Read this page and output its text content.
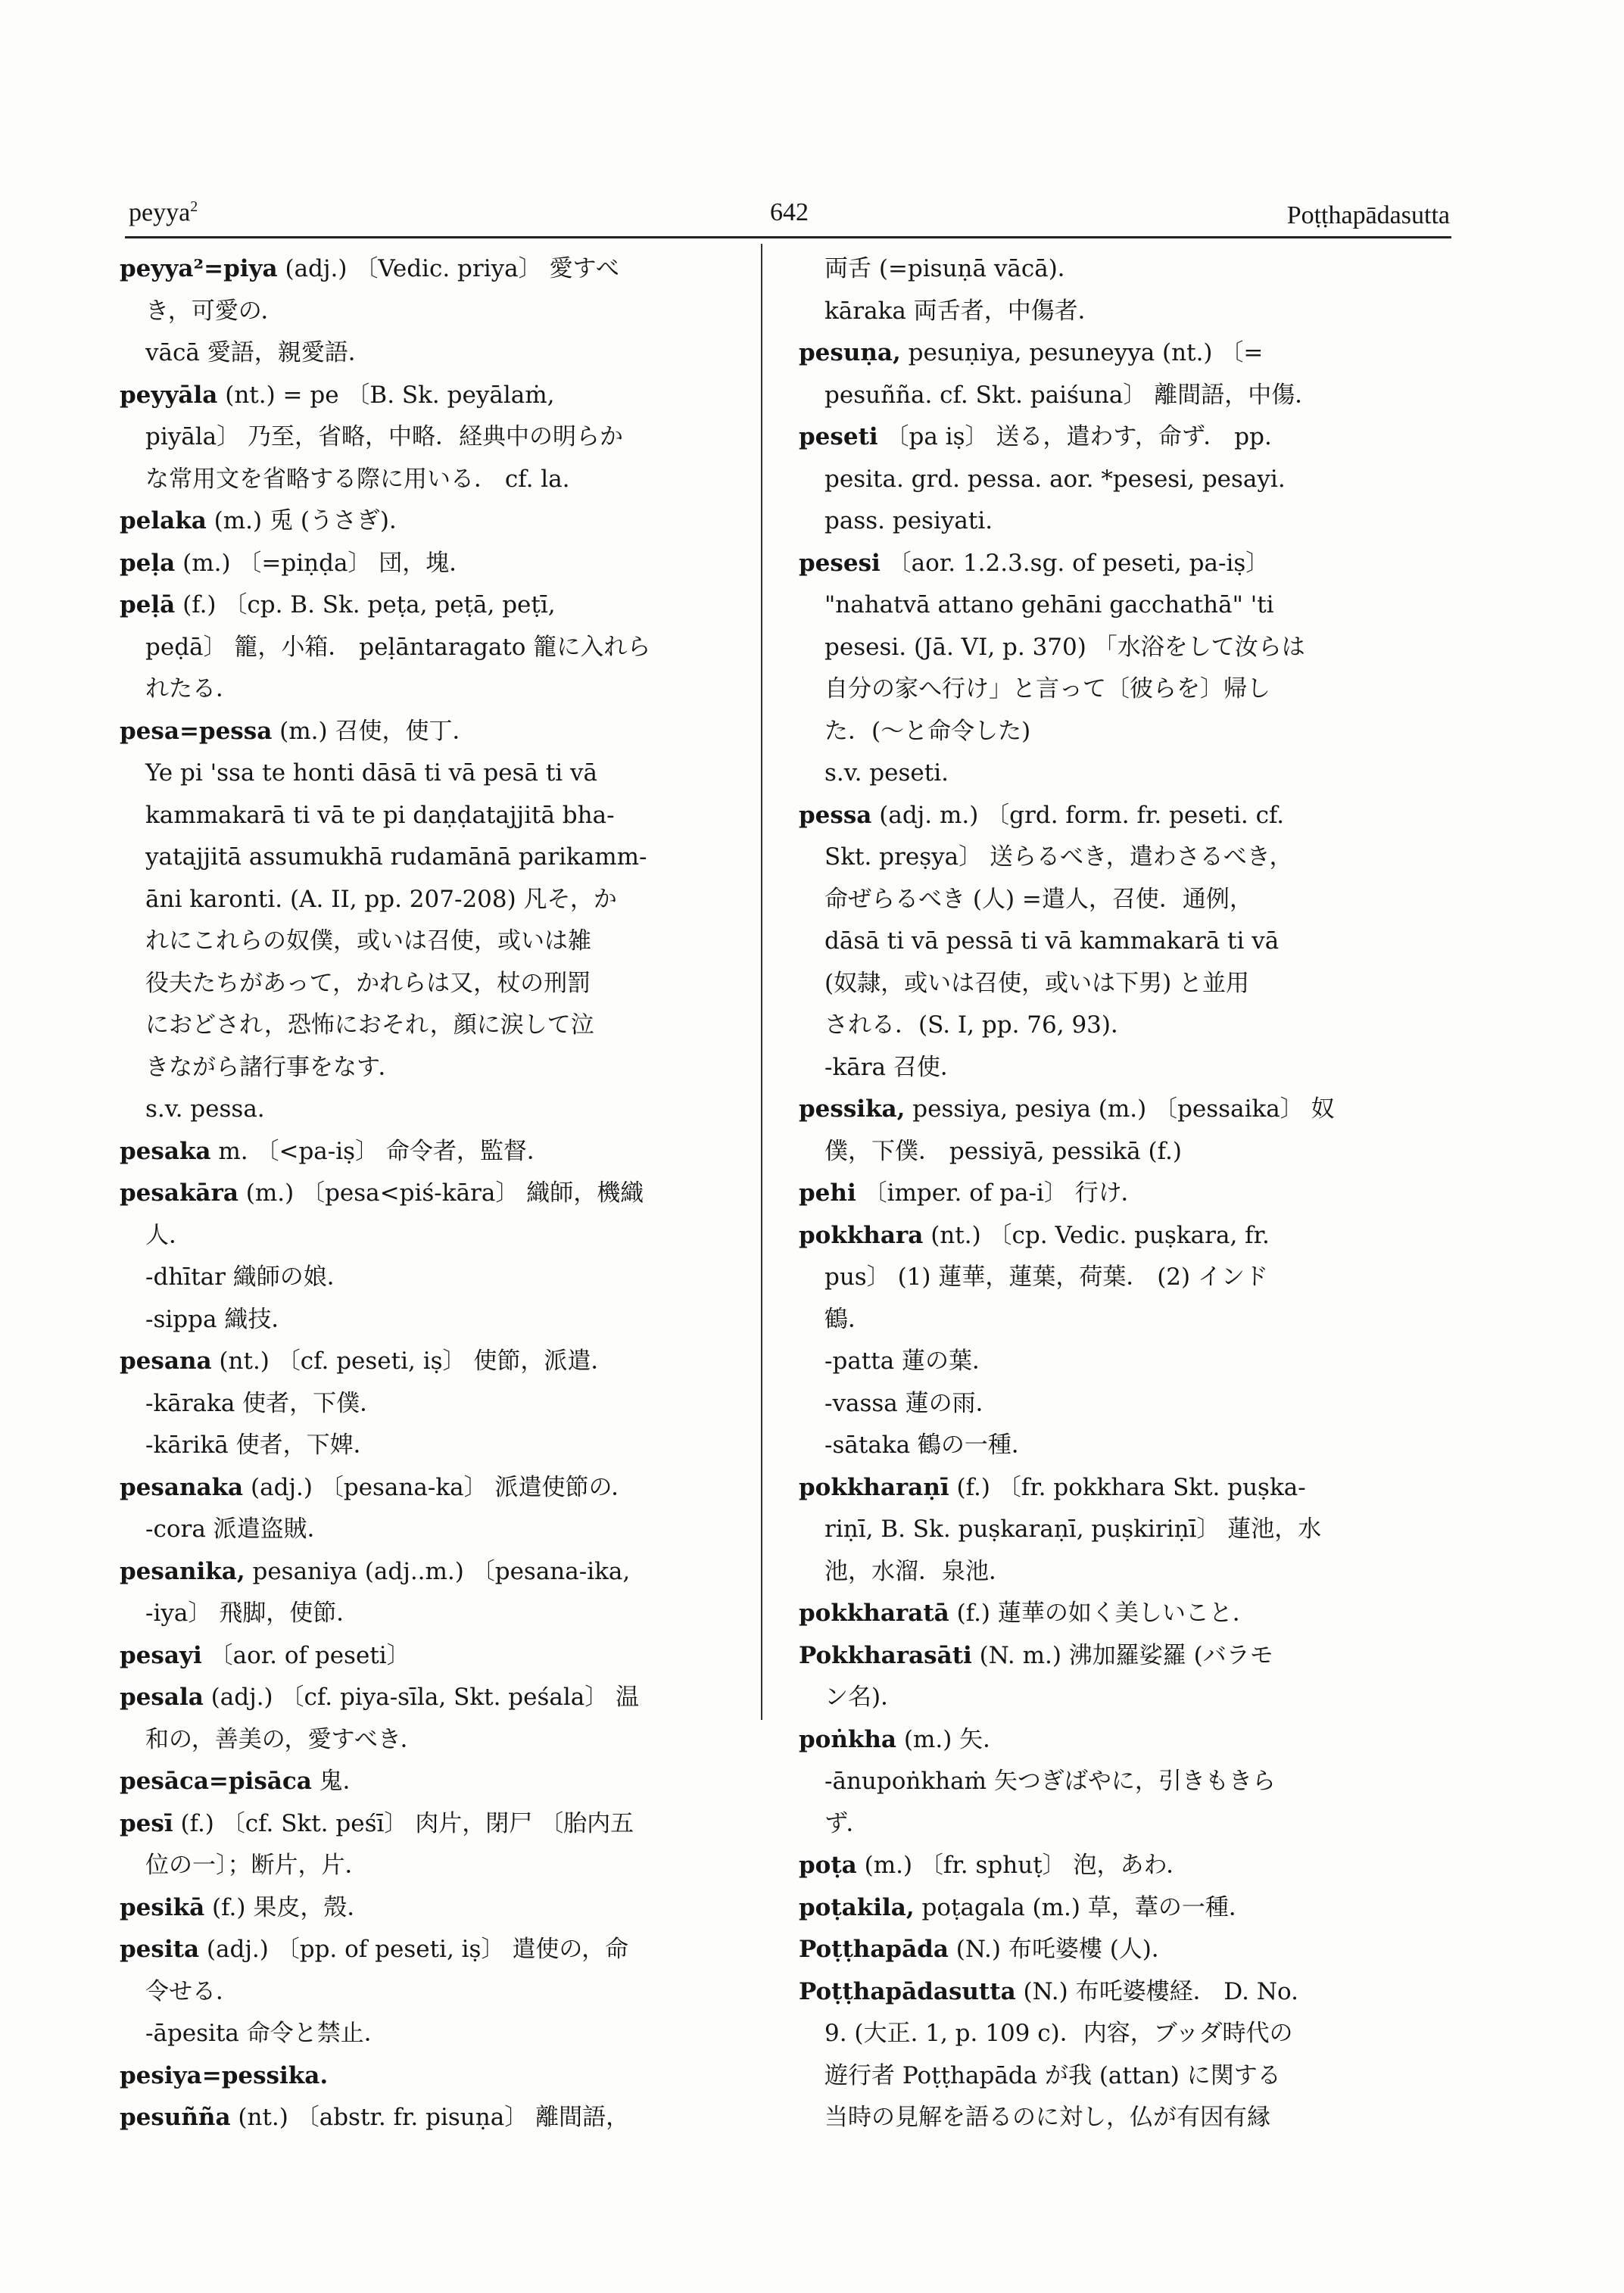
peyya$^2$	642	Poṭṭhapādasutta
peyya²=piya (adj.) 〔Vedic. priya〕 愛すべ
き，可愛の．
vācā 愛語，親愛語．
peyyāla (nt.) = pe 〔B. Sk. peyālaṁ,
piyāla〕 乃至，省略，中略．経典中の明らか
な常用文を省略する際に用いる． cf. la.
pelaka (m.) 兎 (うさぎ)．
peḷa (m.) 〔=piṇḍa〕 団，塊．
peḷā (f.) 〔cp. B. Sk. peṭa, peṭā, peṭī,
peḍā〕 籠，小箱． peḷāntaragato 籠に入れら
れたる．
pesa=pessa (m.) 召使，使丁．
Ye pi 'ssa te honti dāsā ti vā pesā ti vā
kammakarā ti vā te pi daṇḍatajjitā bha-
yatajjitā assumukhā rudamānā parikamm-
āni karonti. (A. II, pp. 207-208) 凡そ，か
れにこれらの奴僕，或いは召使，或いは雑
役夫たちがあって，かれらは又，杖の刑罰
におどされ，恐怖におそれ，顔に涙して泣
きながら諸行事をなす．
s.v. pessa.
pesaka m. 〔<pa-iṣ〕 命令者，監督．
pesakāra (m.) 〔pesa<piś-kāra〕 織師，機織
人．
-dhītar 織師の娘．
-sippa 織技．
pesana (nt.) 〔cf. peseti, iṣ〕 使節，派遣．
-kāraka 使者，下僕．
-kārikā 使者，下婢．
pesanaka (adj.) 〔pesana-ka〕 派遣使節の．
-cora 派遣盗賊．
pesanika, pesaniya (adj..m.) 〔pesana-ika,
-iya〕 飛脚，使節．
pesayi 〔aor. of peseti〕
pesala (adj.) 〔cf. piya-sīla, Skt. peśala〕 温
和の，善美の，愛すべき．
pesāca=pisāca 鬼．
pesī (f.) 〔cf. Skt. peśī〕 肉片，閉尸 〔胎内五
位の一〕；断片，片．
pesikā (f.) 果皮，殼．
pesita (adj.) 〔pp. of peseti, iṣ〕 遣使の，命
令せる．
-āpesita 命令と禁止．
pesiya=pessika.
pesuñña (nt.) 〔abstr. fr. pisuṇa〕 離間語，
両舌 (=pisuṇā vācā)．
kāraka 両舌者，中傷者．
pesuṇa, pesuṇiya, pesuneyya (nt.) 〔=
pesuñña. cf. Skt. paiśuna〕 離間語，中傷．
peseti 〔pa iṣ〕 送る，遣わす，命ず． pp.
pesita. grd. pessa. aor. *pesesi, pesayi.
pass. pesiyati.
pesesi 〔aor. 1.2.3.sg. of peseti, pa-iṣ〕
"nahatvā attano gehāni gacchathā" 'ti
pesesi. (Jā. VI, p. 370) 「水浴をして汝らは
自分の家へ行け」と言って〔彼らを〕帰し
た．(～と命令した)
s.v. peseti.
pessa (adj. m.) 〔grd. form. fr. peseti. cf.
Skt. preṣya〕 送らるべき，遣わさるべき，
命ぜらるべき (人) =遣人，召使．通例，
dāsā ti vā pessā ti vā kammakarā ti vā
(奴隷，或いは召使，或いは下男) と並用
される．(S. I, pp. 76, 93)．
-kāra 召使．
pessika, pessiya, pesiya (m.) 〔pessaika〕 奴
僕，下僕． pessiyā, pessikā (f.)
pehi 〔imper. of pa-i〕 行け．
pokkhara (nt.) 〔cp. Vedic. puṣkara, fr.
pus〕 (1) 蓮華，蓮葉，荷葉． (2) インド
鶴．
-patta 蓮の葉．
-vassa 蓮の雨．
-sātaka 鶴の一種．
pokkharaṇī (f.) 〔fr. pokkhara Skt. puṣka-
riṇī, B. Sk. puṣkaraṇī, puṣkiriṇī〕 蓮池，水
池，水溜．泉池．
pokkharatā (f.) 蓮華の如く美しいこと．
Pokkharasāti (N. m.) 沸加羅娑羅 (バラモ
ン名)．
poṅkha (m.) 矢．
-ānupoṅkhaṁ 矢つぎばやに，引きもきら
ず．
poṭa (m.) 〔fr. sphuṭ〕 泡，あわ．
poṭakila, poṭagala (m.) 草，葦の一種．
Poṭṭhapāda (N.) 布吒婆樓 (人)．
Poṭṭhapādasutta (N.) 布吒婆樓経． D. No.
9. (大正. 1, p. 109 c)．内容，ブッダ時代の
遊行者 Poṭṭhapāda が我 (attan) に関する
当時の見解を語るのに対し，仏が有因有縁
